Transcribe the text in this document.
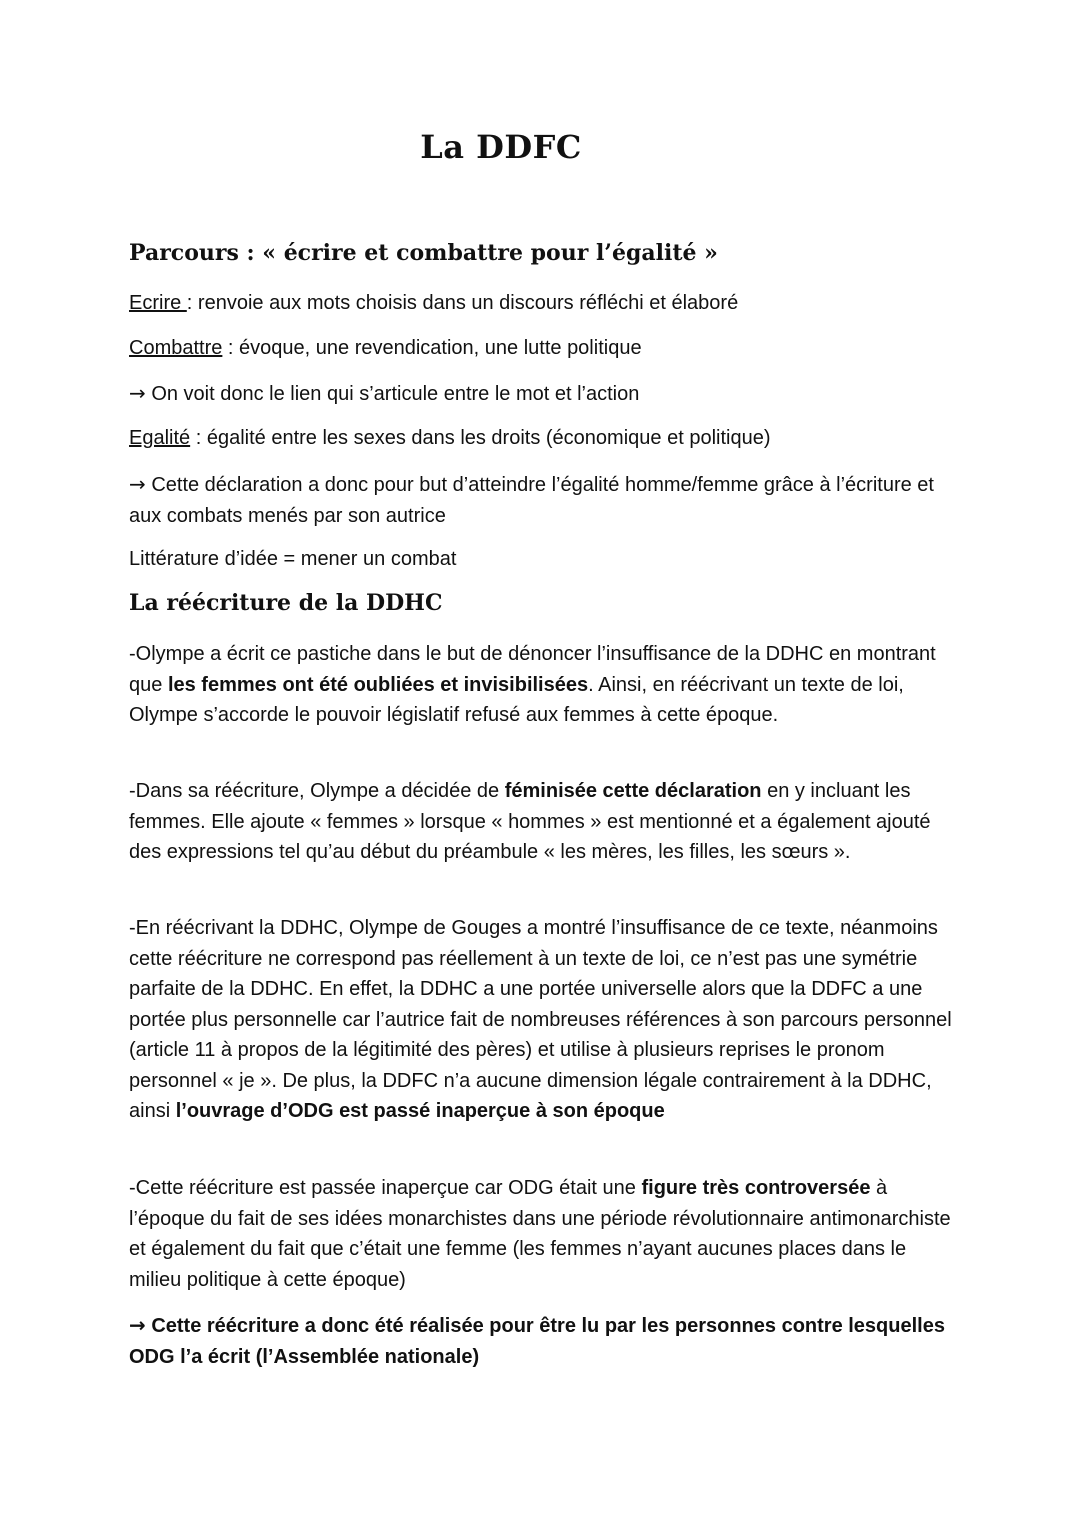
La DDFC
Parcours : « écrire et combattre pour l’égalité »

Ecrire : renvoie aux mots choisis dans un discours réfléchi et élaboré

Combattre : évoque, une revendication, une lutte politique

→ On voit donc le lien qui s’articule entre le mot et l’action

Egalité : égalité entre les sexes dans les droits (économique et politique)

→ Cette déclaration a donc pour but d’atteindre l’égalité homme/femme grâce à l’écriture et aux combats menés par son autrice

Littérature d’idée = mener un combat

La réécriture de la DDHC

-Olympe a écrit ce pastiche dans le but de dénoncer l’insuffisance de la DDHC en montrant que les femmes ont été oubliées et invisibilisées. Ainsi, en réécrivant un texte de loi, Olympe s’accorde le pouvoir législatif refusé aux femmes à cette époque.

-Dans sa réécriture, Olympe a décidée de féminisée cette déclaration en y incluant les femmes. Elle ajoute « femmes » lorsque « hommes » est mentionné et a également ajouté des expressions tel qu’au début du préambule « les mères, les filles, les sœurs ».

-En réécrivant la DDHC, Olympe de Gouges a montré l’insuffisance de ce texte, néanmoins cette réécriture ne correspond pas réellement à un texte de loi, ce n’est pas une symétrie parfaite de la DDHC. En effet, la DDHC a une portée universelle alors que la DDFC a une portée plus personnelle car l’autrice fait de nombreuses références à son parcours personnel (article 11 à propos de la légitimité des pères) et utilise à plusieurs reprises le pronom personnel « je ». De plus, la DDFC n’a aucune dimension légale contrairement à la DDHC, ainsi l’ouvrage d’ODG est passé inaperçue à son époque

-Cette réécriture est passée inaperçue car ODG était une figure très controversée à l’époque du fait de ses idées monarchistes dans une période révolutionnaire antimonarchiste et également du fait que c’était une femme (les femmes n’ayant aucunes places dans le milieu politique à cette époque)

→ Cette réécriture a donc été réalisée pour être lu par les personnes contre lesquelles ODG l’a écrit (l’Assemblée nationale)
